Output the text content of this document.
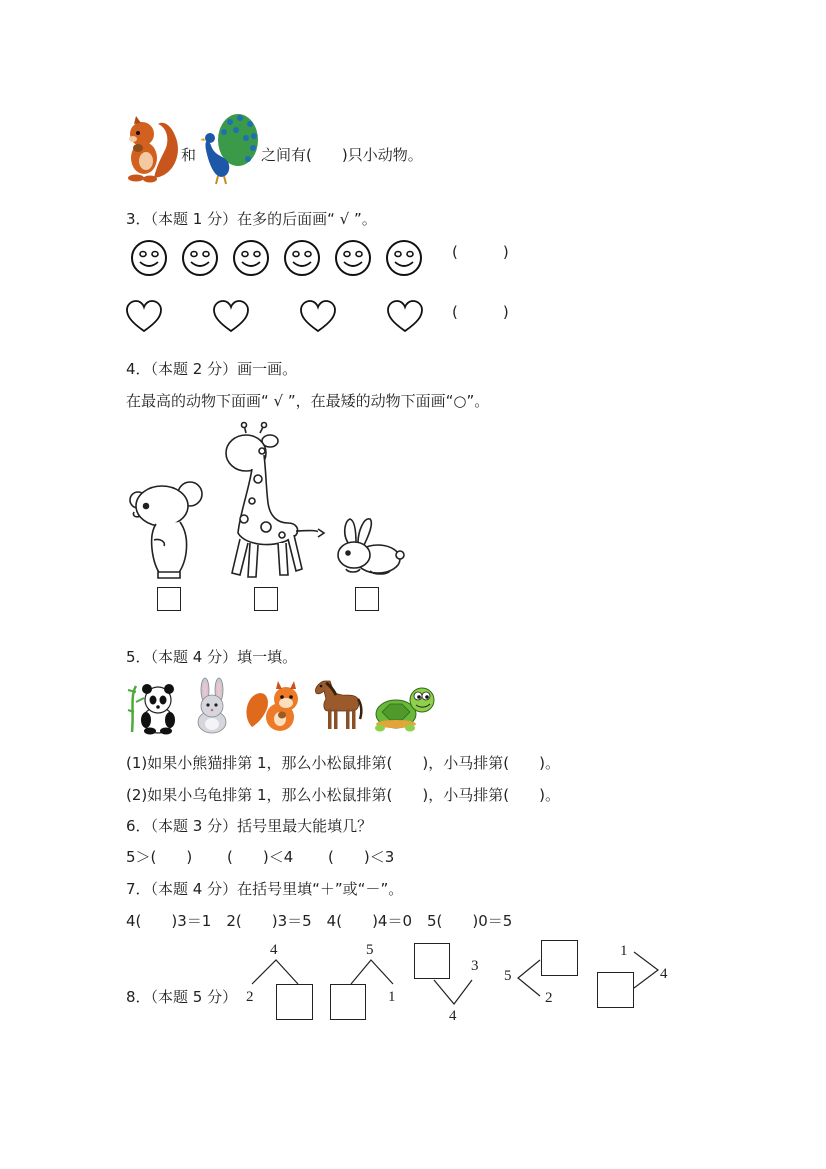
和	之间有(　　)只小动物。
3．（本题 1 分）在多的后面画“ √ ”。
(　　　)
(　　　)
4．（本题 2 分）画一画。
在最高的动物下面画“ √ ”，在最矮的动物下面画“○”。
5．（本题 4 分）填一填。
(1)如果小熊猫排第 1，那么小松鼠排第(　　)，小马排第(　　)。
(2)如果小乌龟排第 1，那么小松鼠排第(　　)，小马排第(　　)。
6．（本题 3 分）括号里最大能填几？
5＞(　　)　　 (　　)＜4　　 (　　)＜3
7．（本题 4 分）在括号里填“＋”或“－”。
4(　　)3＝1　2(　　)3＝5　4(　　)4＝0　5(　　)0＝5
8．（本题 5 分）
4
2
5
1
3
4
5
2
1
4
